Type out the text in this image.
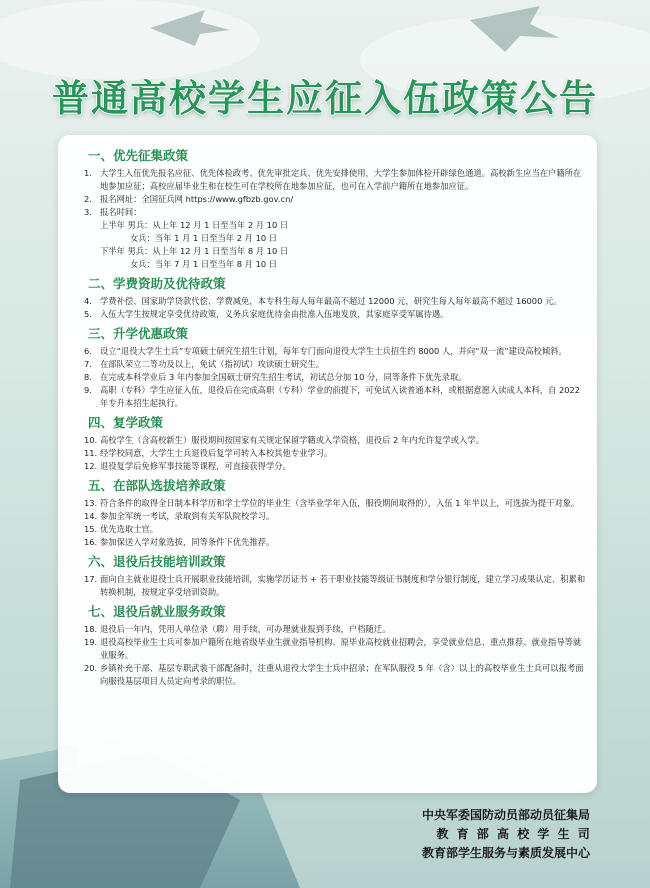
普通高校学生应征入伍政策公告

一、优先征集政策

1. 大学生入伍优先报名应征、优先体检政考、优先审批定兵、优先安排使用，大学生参加体检开辟绿色通道。高校新生应当在户籍所在地参加应征；高校应届毕业生和在校生可在学校所在地参加应征，也可在入学前户籍所在地参加应征。

2. 报名网址：全国征兵网 https://www.gfbzb.gov.cn/

3. 报名时间：

上半年 男兵：从上年 12 月 1 日至当年 2 月 10 日

女兵：当年 1 月 1 日至当年 2 月 10 日

下半年 男兵：从上年 12 月 1 日至当年 8 月 10 日

女兵：当年 7 月 1 日至当年 8 月 10 日

二、学费资助及优待政策

4. 学费补偿、国家助学贷款代偿、学费减免，本专科生每人每年最高不超过 12000 元，研究生每人每年最高不超过 16000 元。

5. 入伍大学生按规定享受优待政策，义务兵家庭优待金由批准入伍地发放，其家庭享受军属待遇。

三、升学优惠政策

6. 设立“退役大学生士兵”专项硕士研究生招生计划，每年专门面向退役大学生士兵招生约 8000 人，并向“双一流”建设高校倾斜。

7. 在部队荣立二等功及以上，免试（指初试）攻读硕士研究生。

8. 在完成本科学业后 3 年内参加全国硕士研究生招生考试，初试总分加 10 分，同等条件下优先录取。

9. 高职（专科）学生应征入伍，退役后在完成高职（专科）学业的前提下，可免试入读普通本科，或根据意愿入读成人本科，自 2022 年专升本招生起执行。

四、复学政策

10. 高校学生（含高校新生）服役期间按国家有关规定保留学籍或入学资格，退役后 2 年内允许复学或入学。

11. 经学校同意，大学生士兵退役后复学可转入本校其他专业学习。

12. 退役复学后免修军事技能等课程，可直接获得学分。

五、在部队选拔培养政策

13. 符合条件的取得全日制本科学历和学士学位的毕业生（含毕业学年入伍，服役期间取得的），入伍 1 年半以上，可选拔为提干对象。

14. 参加全军统一考试，录取到有关军队院校学习。

15. 优先选取士官。

16. 参加保送入学对象选拔，同等条件下优先推荐。

六、退役后技能培训政策

17. 面向自主就业退役士兵开展职业技能培训，实施学历证书 + 若干职业技能等级证书制度和学分银行制度，建立学习成果认定、积累和转换机制，按规定享受培训资助。

七、退役后就业服务政策

18. 退役后一年内，凭用人单位录（聘）用手续，可办理就业报到手续，户档随迁。

19. 退役高校毕业生士兵可参加户籍所在地省级毕业生就业指导机构、原毕业高校就业招聘会，享受就业信息、重点推荐、就业指导等就业服务。

20. 乡镇补充干部、基层专职武装干部配备时，注重从退役大学生士兵中招录；在军队服役 5 年（含）以上的高校毕业生士兵可以报考面向服役基层项目人员定向考录的职位。

中央军委国防动员部动员征集局

教育部高校学生司

教育部学生服务与素质发展中心
